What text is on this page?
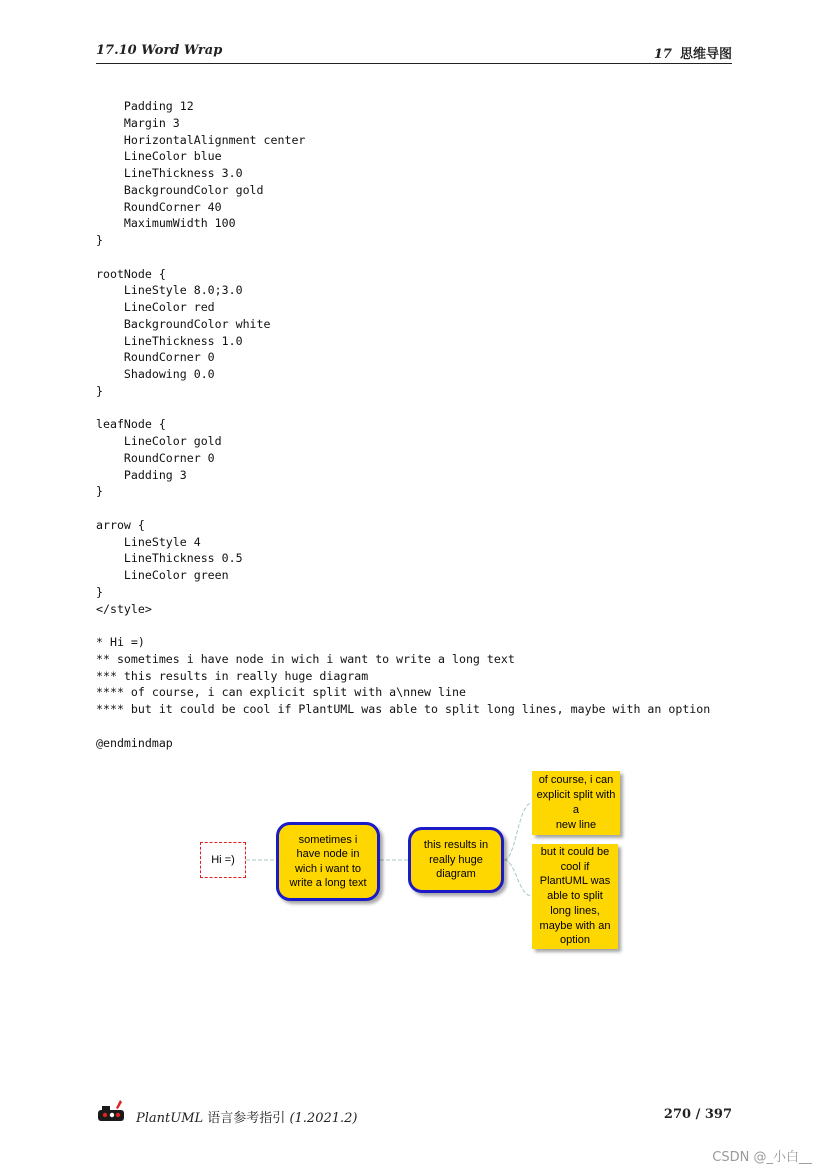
17.10 Word Wrap	17 思维导图
Padding 12
Margin 3
HorizontalAlignment center
LineColor blue
LineThickness 3.0
BackgroundColor gold
RoundCorner 40
MaximumWidth 100
}
rootNode {
LineStyle 8.0;3.0
LineColor red
BackgroundColor white
LineThickness 1.0
RoundCorner 0
Shadowing 0.0
}
leafNode {
LineColor gold
RoundCorner 0
Padding 3
}
arrow {
LineStyle 4
LineThickness 0.5
LineColor green
}
</style>
* Hi =)
** sometimes i have node in wich i want to write a long text
*** this results in really huge diagram
**** of course, i can explicit split with a\nnew line
**** but it could be cool if PlantUML was able to split long lines, maybe with an option
@endmindmap
Hi =)
sometimes i
have node in
wich i want to
write a long text
this results in
really huge
diagram
of course, i can
explicit split with
a
new line
but it could be
cool if
PlantUML was
able to split
long lines,
maybe with an
option
PlantUML 语言参考指引 (1.2021.2)	270 / 397
CSDN @_小白__
